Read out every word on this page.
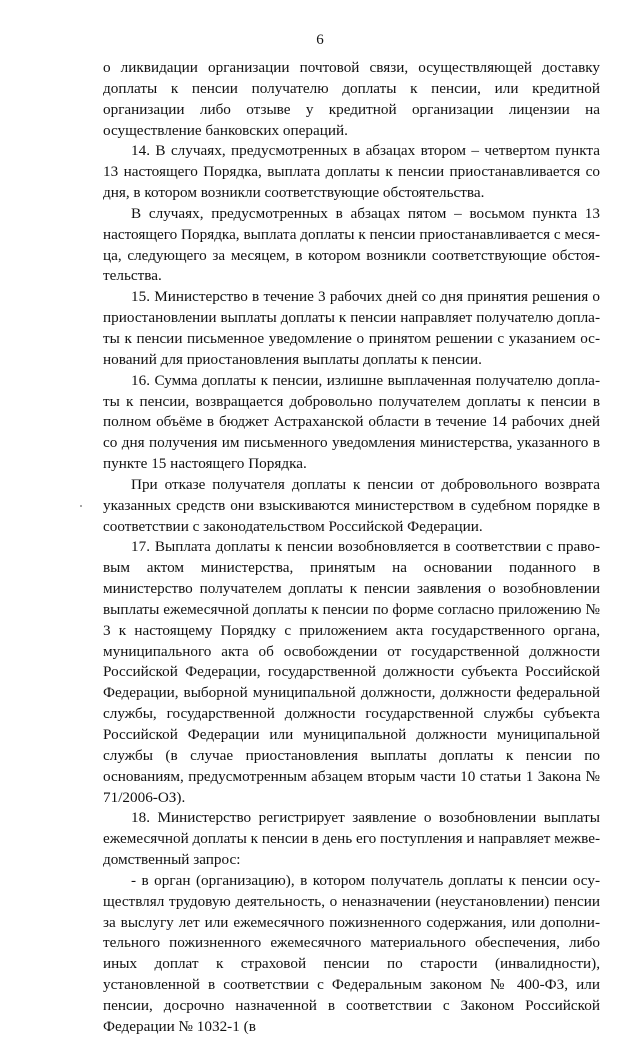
6

о ликвидации организации почтовой связи, осуществляющей доставку доплаты к пенсии получателю доплаты к пенсии, или кредитной организации либо отзыве у кредитной организации лицензии на осуществление банковских операций.

14. В случаях, предусмотренных в абзацах втором – четвертом пункта 13 настоящего Порядка, выплата доплаты к пенсии приостанавливается со дня, в котором возникли соответствующие обстоятельства.

В случаях, предусмотренных в абзацах пятом – восьмом пункта 13 настоящего Порядка, выплата доплаты к пенсии приостанавливается с месяца, следующего за месяцем, в котором возникли соответствующие обстоятельства.

15. Министерство в течение 3 рабочих дней со дня принятия решения о приостановлении выплаты доплаты к пенсии направляет получателю доплаты к пенсии письменное уведомление о принятом решении с указанием оснований для приостановления выплаты доплаты к пенсии.

16. Сумма доплаты к пенсии, излишне выплаченная получателю доплаты к пенсии, возвращается добровольно получателем доплаты к пенсии в полном объёме в бюджет Астраханской области в течение 14 рабочих дней со дня получения им письменного уведомления министерства, указанного в пункте 15 настоящего Порядка.

При отказе получателя доплаты к пенсии от добровольного возврата указанных средств они взыскиваются министерством в судебном порядке в соответствии с законодательством Российской Федерации.

17. Выплата доплаты к пенсии возобновляется в соответствии с правовым актом министерства, принятым на основании поданного в министерство получателем доплаты к пенсии заявления о возобновлении выплаты ежемесячной доплаты к пенсии по форме согласно приложению № 3 к настоящему Порядку с приложением акта государственного органа, муниципального акта об освобождении от государственной должности Российской Федерации, государственной должности субъекта Российской Федерации, выборной муниципальной должности, должности федеральной службы, государственной должности государственной службы субъекта Российской Федерации или муниципальной должности муниципальной службы (в случае приостановления выплаты доплаты к пенсии по основаниям, предусмотренным абзацем вторым части 10 статьи 1 Закона № 71/2006-ОЗ).

18. Министерство регистрирует заявление о возобновлении выплаты ежемесячной доплаты к пенсии в день его поступления и направляет межведомственный запрос:

- в орган (организацию), в котором получатель доплаты к пенсии осуществлял трудовую деятельность, о неназначении (неустановлении) пенсии за выслугу лет или ежемесячного пожизненного содержания, или дополнительного пожизненного ежемесячного материального обеспечения, либо иных доплат к страховой пенсии по старости (инвалидности), установленной в соответствии с Федеральным законом № 400-ФЗ, или пенсии, досрочно назначенной в соответствии с Законом Российской Федерации № 1032-1 (в
